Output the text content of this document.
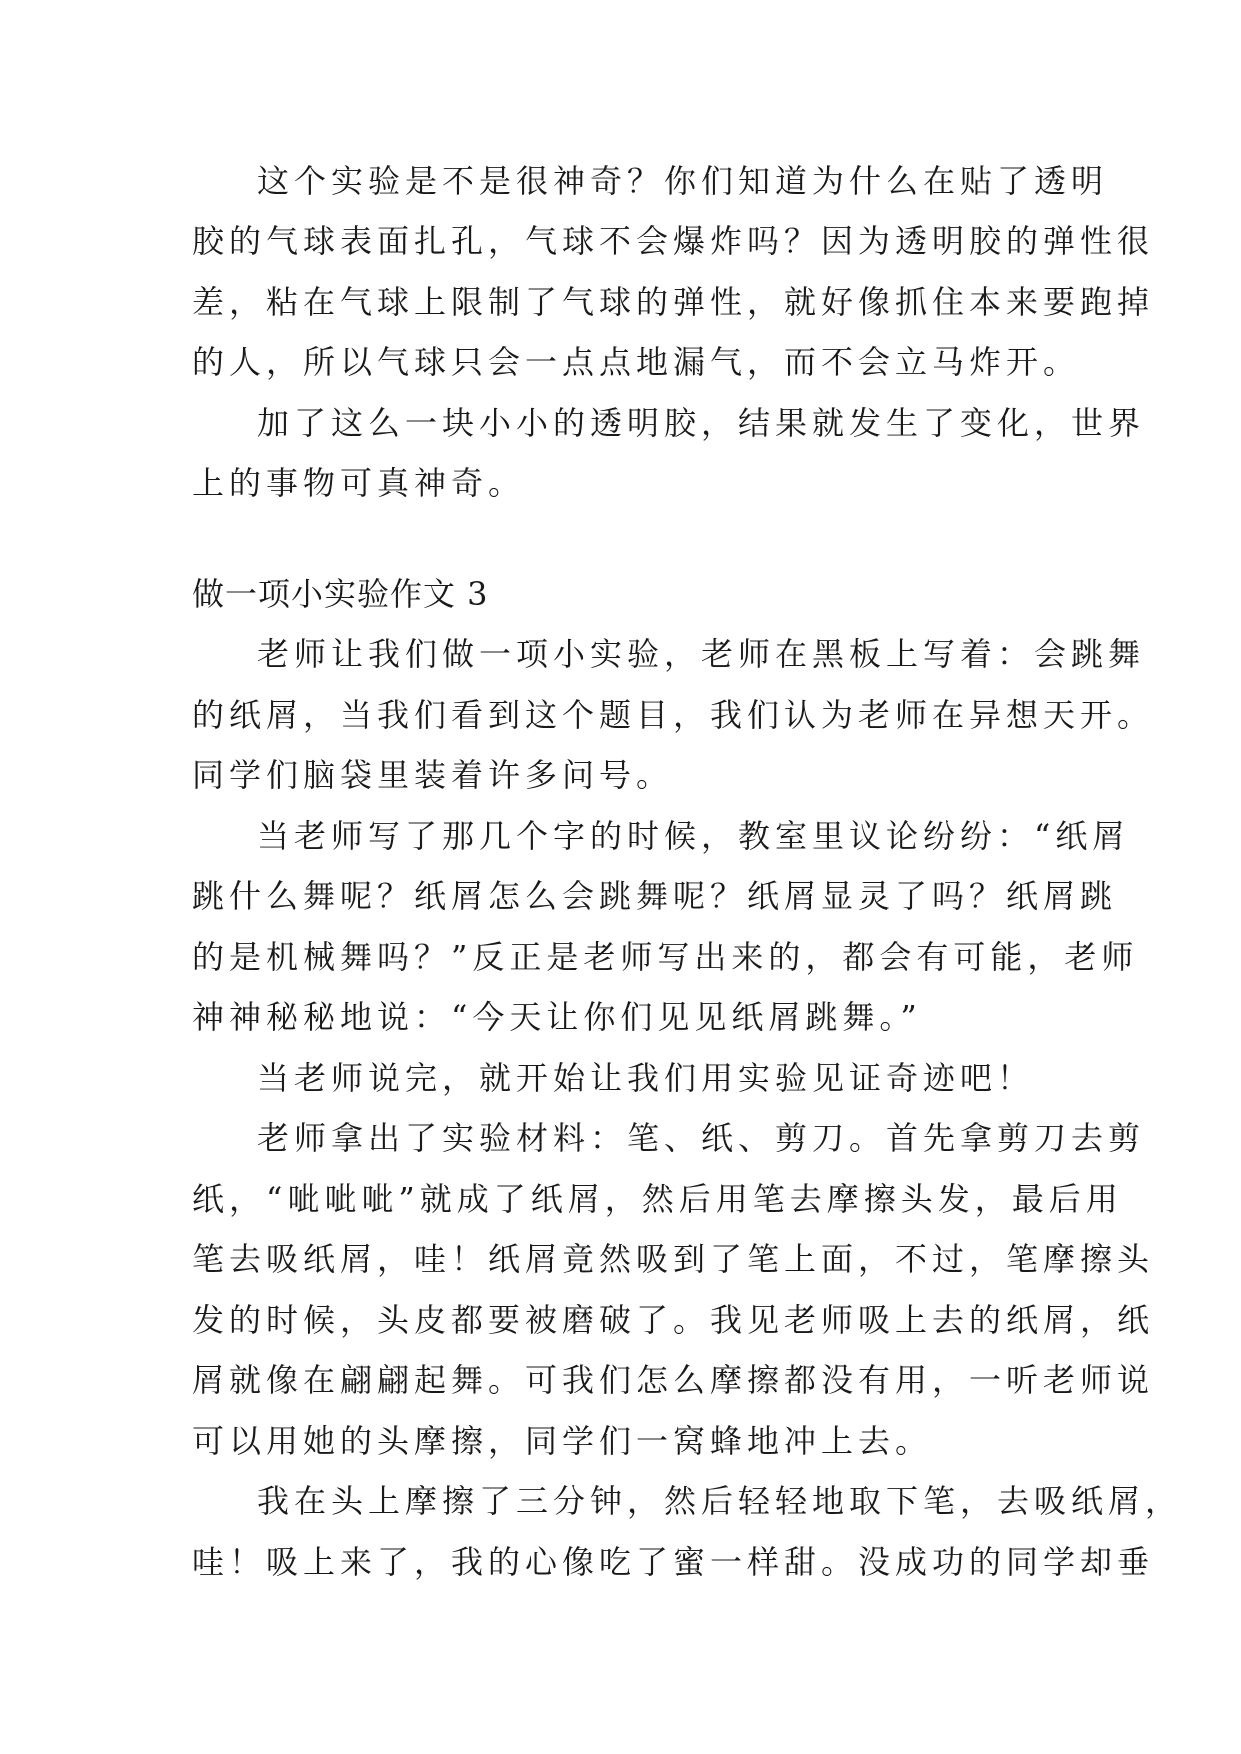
这个实验是不是很神奇？你们知道为什么在贴了透明

胶的气球表面扎孔，气球不会爆炸吗？因为透明胶的弹性很

差，粘在气球上限制了气球的弹性，就好像抓住本来要跑掉

的人，所以气球只会一点点地漏气，而不会立马炸开。

加了这么一块小小的透明胶，结果就发生了变化，世界

上的事物可真神奇。

做一项小实验作文 3

老师让我们做一项小实验，老师在黑板上写着：会跳舞

的纸屑，当我们看到这个题目，我们认为老师在异想天开。

同学们脑袋里装着许多问号。

当老师写了那几个字的时候，教室里议论纷纷：“纸屑

跳什么舞呢？纸屑怎么会跳舞呢？纸屑显灵了吗？纸屑跳

的是机械舞吗？”反正是老师写出来的，都会有可能，老师

神神秘秘地说：“今天让你们见见纸屑跳舞。”

当老师说完，就开始让我们用实验见证奇迹吧！

老师拿出了实验材料：笔、纸、剪刀。首先拿剪刀去剪

纸，“呲呲呲”就成了纸屑，然后用笔去摩擦头发，最后用

笔去吸纸屑，哇！纸屑竟然吸到了笔上面，不过，笔摩擦头

发的时候，头皮都要被磨破了。我见老师吸上去的纸屑，纸

屑就像在翩翩起舞。可我们怎么摩擦都没有用，一听老师说

可以用她的头摩擦，同学们一窝蜂地冲上去。

我在头上摩擦了三分钟，然后轻轻地取下笔，去吸纸屑，

哇！吸上来了，我的心像吃了蜜一样甜。没成功的同学却垂
